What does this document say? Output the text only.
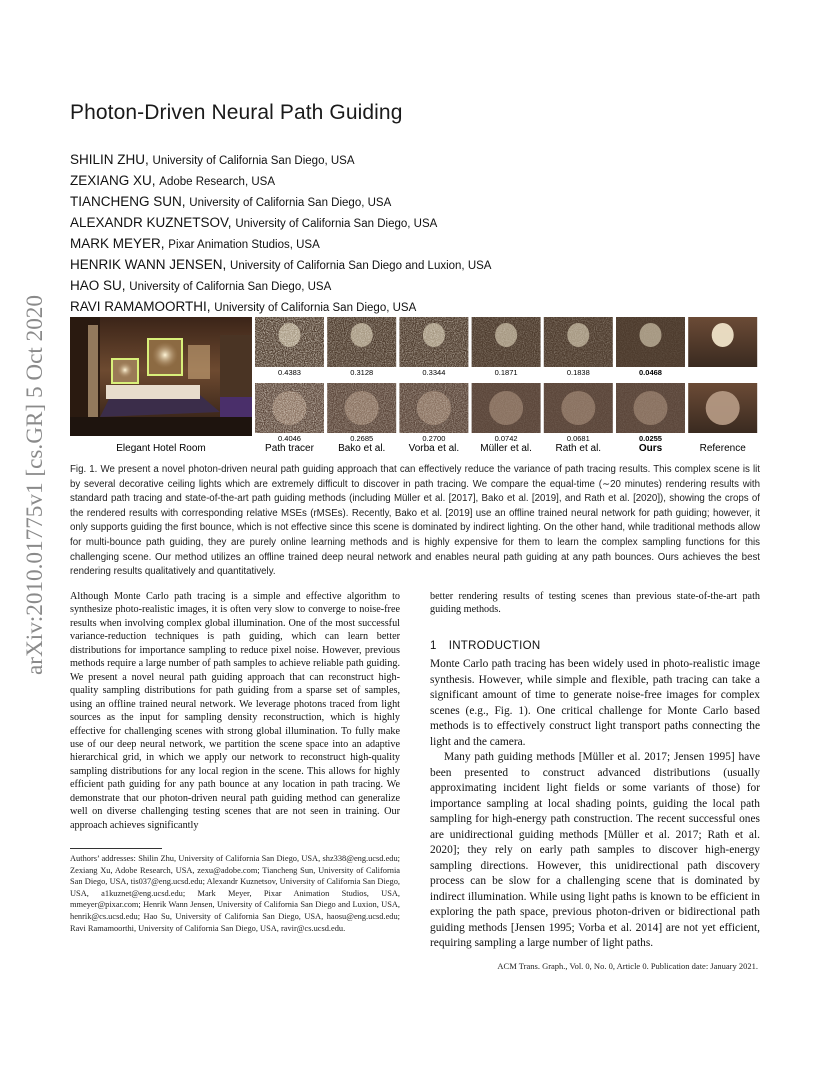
arXiv:2010.01775v1 [cs.GR] 5 Oct 2020
Photon-Driven Neural Path Guiding
SHILIN ZHU, University of California San Diego, USA
ZEXIANG XU, Adobe Research, USA
TIANCHENG SUN, University of California San Diego, USA
ALEXANDR KUZNETSOV, University of California San Diego, USA
MARK MEYER, Pixar Animation Studios, USA
HENRIK WANN JENSEN, University of California San Diego and Luxion, USA
HAO SU, University of California San Diego, USA
RAVI RAMAMOORTHI, University of California San Diego, USA
Elegant Hotel Room
0.4383
0.4046
Path tracer
0.3128
0.2685
Bako et al.
0.3344
0.2700
Vorba et al.
0.1871
0.0742
Müller et al.
0.1838
0.0681
Rath et al.
0.0468
0.0255
Ours	Reference
Fig. 1. We present a novel photon-driven neural path guiding approach that can effectively reduce the variance of path tracing results. This complex scene is lit by several decorative ceiling lights which are extremely difficult to discover in path tracing. We compare the equal-time (∼20 minutes) rendering results with standard path tracing and state-of-the-art path guiding methods (including Müller et al. [2017], Bako et al. [2019], and Rath et al. [2020]), showing the crops of the rendered results with corresponding relative MSEs (rMSEs). Recently, Bako et al. [2019] use an offline trained neural network for path guiding; however, it only supports guiding the first bounce, which is not effective since this scene is dominated by indirect lighting. On the other hand, while traditional methods allow for multi-bounce path guiding, they are purely online learning methods and is highly expensive for them to learn the complex sampling functions for this challenging scene. Our method utilizes an offline trained deep neural network and enables neural path guiding at any path bounces. Ours achieves the best rendering results qualitatively and quantitatively.
Although Monte Carlo path tracing is a simple and effective algorithm to synthesize photo-realistic images, it is often very slow to converge to noise-free results when involving complex global illumination. One of the most successful variance-reduction techniques is path guiding, which can learn better distributions for importance sampling to reduce pixel noise. However, previous methods require a large number of path samples to achieve reliable path guiding. We present a novel neural path guiding approach that can reconstruct high-quality sampling distributions for path guiding from a sparse set of samples, using an offline trained neural network. We leverage photons traced from light sources as the input for sampling density reconstruction, which is highly effective for challenging scenes with strong global illumination. To fully make use of our deep neural network, we partition the scene space into an adaptive hierarchical grid, in which we apply our network to reconstruct high-quality sampling distributions for any local region in the scene. This allows for highly efficient path guiding for any path bounce at any location in path tracing. We demonstrate that our photon-driven neural path guiding method can generalize well on diverse challenging testing scenes that are not seen in training. Our approach achieves significantly
Authors’ addresses: Shilin Zhu, University of California San Diego, USA, shz338@eng.ucsd.edu; Zexiang Xu, Adobe Research, USA, zexu@adobe.com; Tiancheng Sun, University of California San Diego, USA, tis037@eng.ucsd.edu; Alexandr Kuznetsov, University of California San Diego, USA, a1kuznet@eng.ucsd.edu; Mark Meyer, Pixar Animation Studios, USA, mmeyer@pixar.com; Henrik Wann Jensen, University of California San Diego and Luxion, USA, henrik@cs.ucsd.edu; Hao Su, University of California San Diego, USA, haosu@eng.ucsd.edu; Ravi Ramamoorthi, University of California San Diego, USA, ravir@cs.ucsd.edu.
better rendering results of testing scenes than previous state-of-the-art path guiding methods.
1 INTRODUCTION

Monte Carlo path tracing has been widely used in photo-realistic image synthesis. However, while simple and flexible, path tracing can take a significant amount of time to generate noise-free images for complex scenes (e.g., Fig. 1). One critical challenge for Monte Carlo based methods is to effectively construct light transport paths connecting the light and the camera.

Many path guiding methods [Müller et al. 2017; Jensen 1995] have been presented to construct advanced distributions (usually approximating incident light fields or some variants of those) for importance sampling at local shading points, guiding the local path sampling for high-energy path construction. The recent successful ones are unidirectional guiding methods [Müller et al. 2017; Rath et al. 2020]; they rely on early path samples to discover high-energy sampling directions. However, this unidirectional path discovery process can be slow for a challenging scene that is dominated by indirect illumination. While using light paths is known to be efficient in exploring the path space, previous photon-driven or bidirectional path guiding methods [Jensen 1995; Vorba et al. 2014] are not yet efficient, requiring sampling a large number of light paths.

ACM Trans. Graph., Vol. 0, No. 0, Article 0. Publication date: January 2021.
